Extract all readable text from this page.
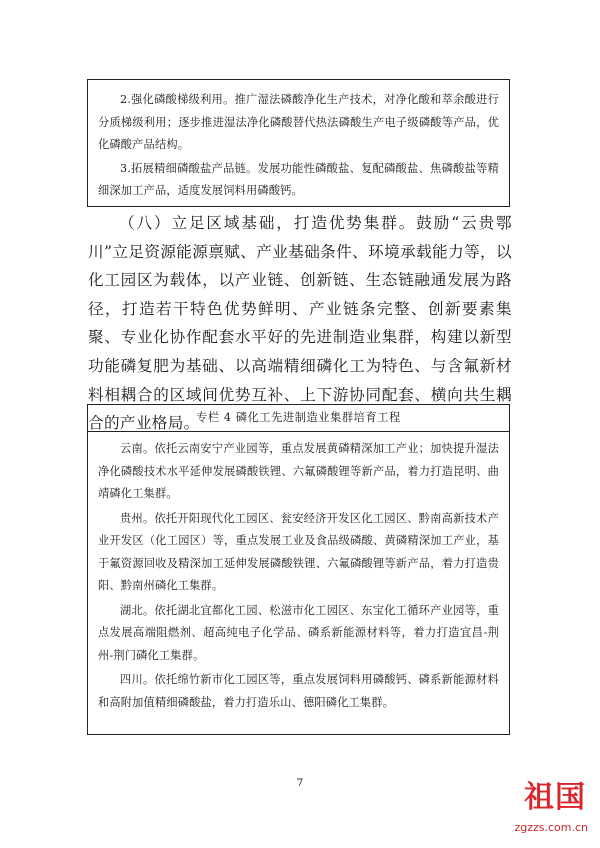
2.强化磷酸梯级利用。推广湿法磷酸净化生产技术，对净化酸和萃余酸进行分质梯级利用；逐步推进湿法净化磷酸替代热法磷酸生产电子级磷酸等产品，优化磷酸产品结构。

3.拓展精细磷酸盐产品链。发展功能性磷酸盐、复配磷酸盐、焦磷酸盐等精细深加工产品，适度发展饲料用磷酸钙。

（八）立足区域基础，打造优势集群。鼓励“云贵鄂川”立足资源能源禀赋、产业基础条件、环境承载能力等，以化工园区为载体，以产业链、创新链、生态链融通发展为路径，打造若干特色优势鲜明、产业链条完整、创新要素集聚、专业化协作配套水平好的先进制造业集群，构建以新型功能磷复肥为基础、以高端精细磷化工为特色、与含氟新材料相耦合的区域间优势互补、上下游协同配套、横向共生耦合的产业格局。

专栏 4 磷化工先进制造业集群培育工程

云南。依托云南安宁产业园等，重点发展黄磷精深加工产业；加快提升湿法净化磷酸技术水平延伸发展磷酸铁锂、六氟磷酸锂等新产品，着力打造昆明、曲靖磷化工集群。

贵州。依托开阳现代化工园区、瓮安经济开发区化工园区、黔南高新技术产业开发区（化工园区）等，重点发展工业及食品级磷酸、黄磷精深加工产业，基于氟资源回收及精深加工延伸发展磷酸铁锂、六氟磷酸锂等新产品，着力打造贵阳、黔南州磷化工集群。

湖北。依托湖北宜都化工园、松滋市化工园区、东宝化工循环产业园等，重点发展高端阻燃剂、超高纯电子化学品、磷系新能源材料等，着力打造宜昌-荆州-荆门磷化工集群。

四川。依托绵竹新市化工园区等，重点发展饲料用磷酸钙、磷系新能源材料和高附加值精细磷酸盐，着力打造乐山、德阳磷化工集群。

7	祖国
zgzzs.com.cn
